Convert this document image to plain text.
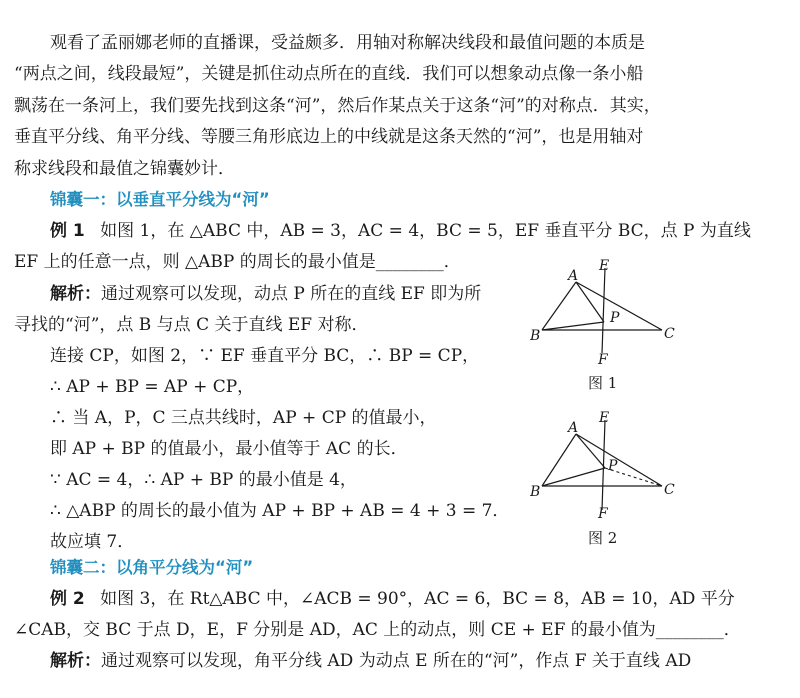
观看了孟丽娜老师的直播课，受益颇多．用轴对称解决线段和最值问题的本质是
“两点之间，线段最短”，关键是抓住动点所在的直线．我们可以想象动点像一条小船
飘荡在一条河上，我们要先找到这条“河”，然后作某点关于这条“河”的对称点．其实，
垂直平分线、角平分线、等腰三角形底边上的中线就是这条天然的“河”，也是用轴对
称求线段和最值之锦囊妙计．
锦囊一：以垂直平分线为“河”
例 1 如图 1，在 △ABC 中，AB = 3，AC = 4，BC = 5，EF 垂直平分 BC，点 P 为直线
EF 上的任意一点，则 △ABP 的周长的最小值是________．
解析：通过观察可以发现，动点 P 所在的直线 EF 即为所
寻找的“河”，点 B 与点 C 关于直线 EF 对称．
连接 CP，如图 2，∵ EF 垂直平分 BC，∴ BP = CP，
∴ AP + BP = AP + CP，
∴ 当 A，P，C 三点共线时，AP + CP 的值最小，
即 AP + BP 的值最小，最小值等于 AC 的长．
∵ AC = 4，∴ AP + BP 的最小值是 4，
∴ △ABP 的周长的最小值为 AP + BP + AB = 4 + 3 = 7．
故应填 7．
A
B	C
E
F
P
图 1
A
B	C
E
F
P
图 2
锦囊二：以角平分线为“河”
例 2 如图 3，在 Rt△ABC 中，∠ACB = 90°，AC = 6，BC = 8，AB = 10，AD 平分
∠CAB，交 BC 于点 D，E，F 分别是 AD，AC 上的动点，则 CE + EF 的最小值为________．
解析：通过观察可以发现，角平分线 AD 为动点 E 所在的“河”，作点 F 关于直线 AD
